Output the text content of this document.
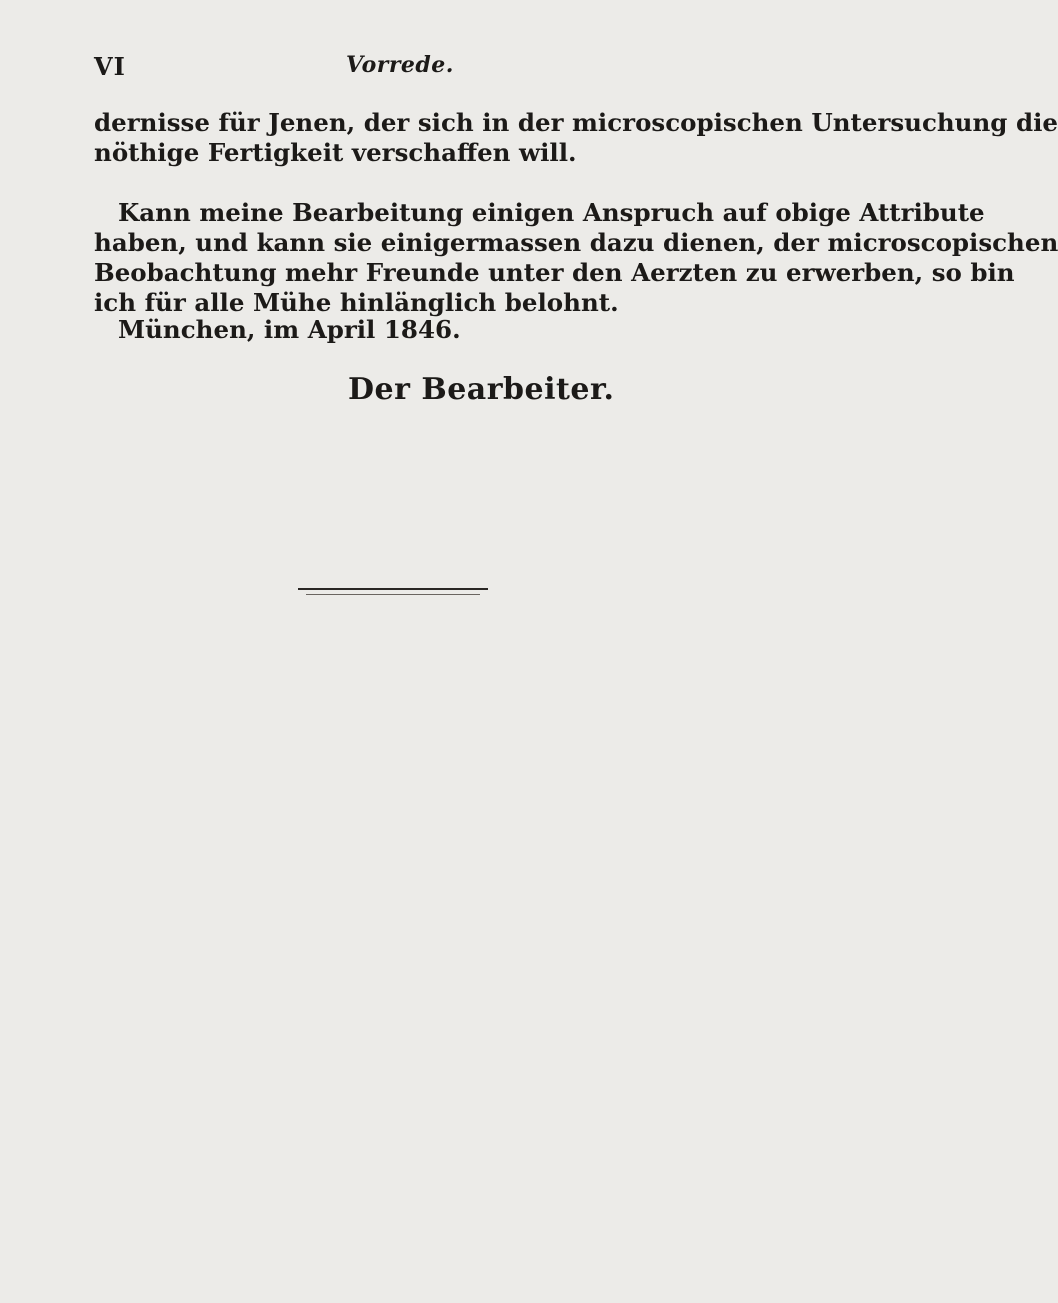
VI	Vorrede.
dernisse für Jenen, der sich in der microscopischen Untersuchung die
nöthige Fertigkeit verschaffen will.
Kann meine Bearbeitung einigen Anspruch auf obige Attribute
haben, und kann sie einigermassen dazu dienen, der microscopischen
Beobachtung mehr Freunde unter den Aerzten zu erwerben, so bin
ich für alle Mühe hinlänglich belohnt.
München, im April 1846.
Der Bearbeiter.
